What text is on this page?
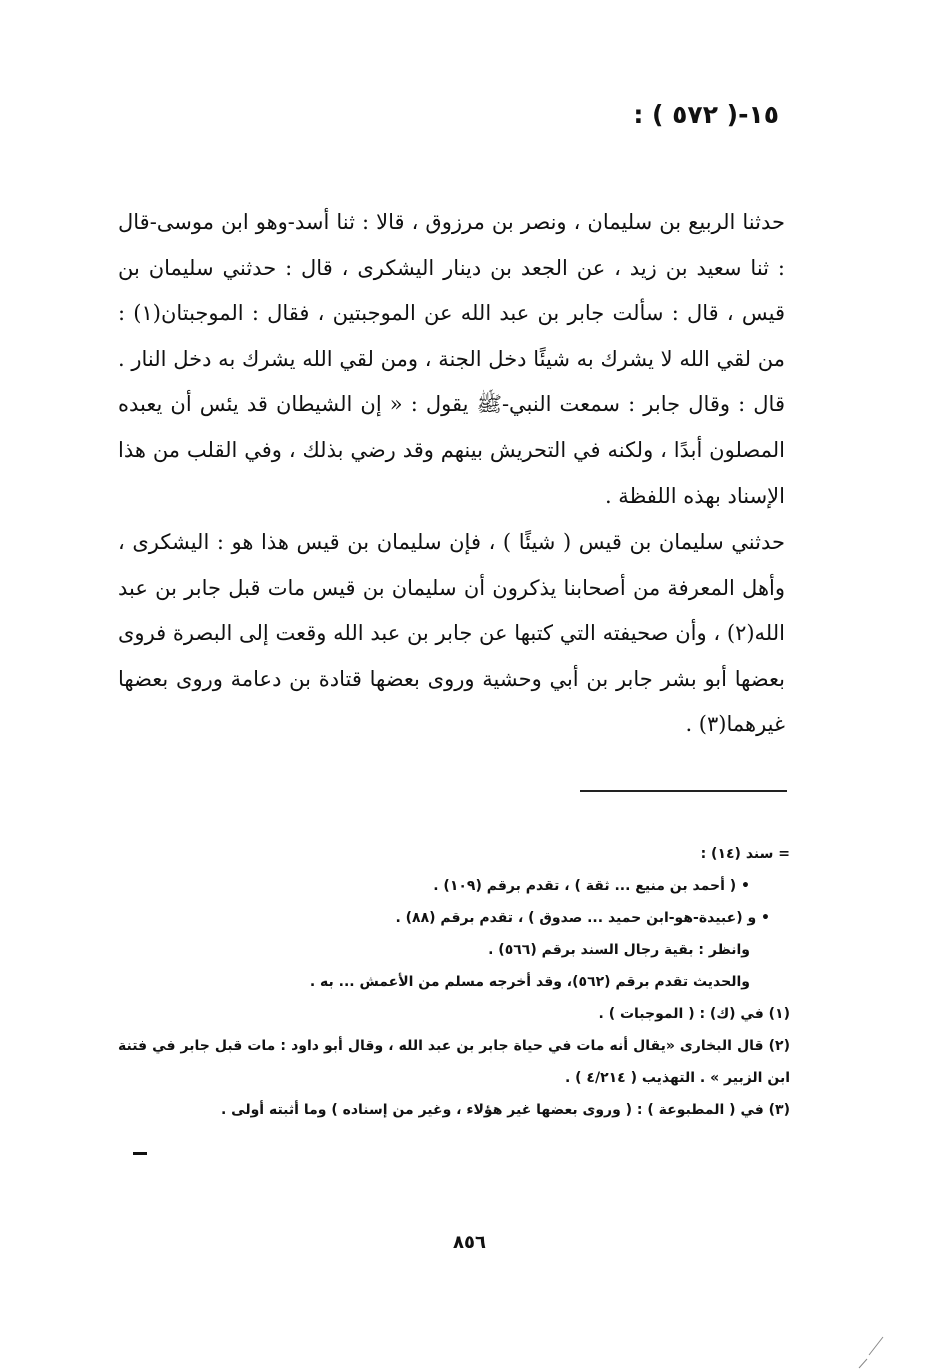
١٥-( ٥٧٢ ) :
حدثنا الربيع بن سليمان ، ونصر بن مرزوق ، قالا : ثنا أسد-وهو ابن موسى-قال : ثنا سعيد بن زيد ، عن الجعد بن دينار اليشكرى ، قال : حدثني سليمان بن قيس ، قال : سألت جابر بن عبد الله عن الموجبتين ، فقال : الموجبتان(١) : من لقي الله لا يشرك به شيئًا دخل الجنة ، ومن لقي الله يشرك به دخل النار . قال : وقال جابر : سمعت النبي-ﷺ يقول : « إن الشيطان قد يئس أن يعبده المصلون أبدًا ، ولكنه في التحريش بينهم وقد رضي بذلك ، وفي القلب من هذا الإسناد بهذه اللفظة .
حدثني سليمان بن قيس ( شيئًا ) ، فإن سليمان بن قيس هذا هو : اليشكرى ، وأهل المعرفة من أصحابنا يذكرون أن سليمان بن قيس مات قبل جابر بن عبد الله(٢) ، وأن صحيفته التي كتبها عن جابر بن عبد الله وقعت إلى البصرة فروى بعضها أبو بشر جابر بن أبي وحشية وروى بعضها قتادة بن دعامة وروى بعضها غيرهما(٣) .
= سند (١٤) :
• ( أحمد بن منيع ... ثقة ) ، تقدم برقم (١٠٩) .
• و (عبيدة-هو-ابن حميد ... صدوق ) ، تقدم برقم (٨٨) .
وانظر : بقية رجال السند برقم (٥٦٦) .
والحديث تقدم برقم (٥٦٢)، وقد أخرجه مسلم من الأعمش ... به .
(١) في (ك) : ( الموجبات ) .
(٢) قال البخارى «يقال أنه مات في حياة جابر بن عبد الله ، وقال أبو داود : مات قبل جابر في فتنة ابن الزبير » . التهذيب ( ٤/٢١٤ ) .
(٣) في ( المطبوعة ) : ( وروى بعضها غير هؤلاء ، وغير من إسناده ) وما أثبته أولى .
٨٥٦
